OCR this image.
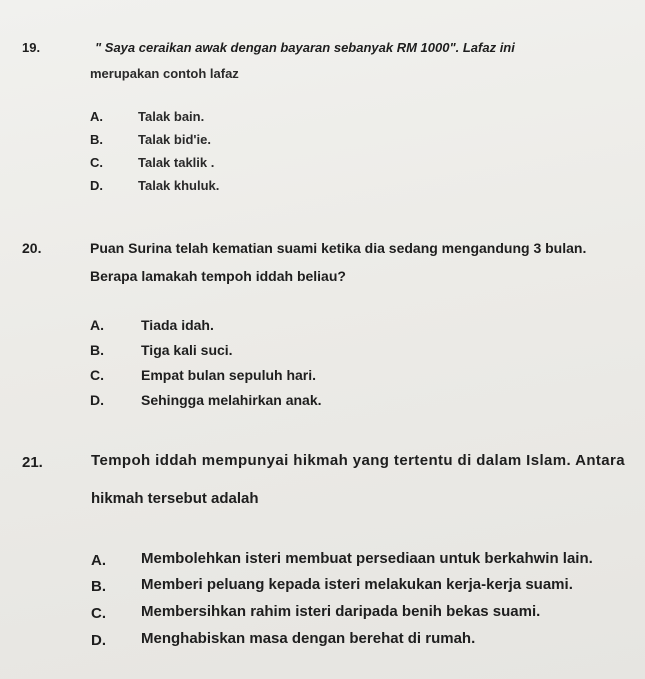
19.	" Saya ceraikan awak dengan bayaran sebanyak RM 1000". Lafaz ini
merupakan contoh lafaz
A.	Talak bain.
B.	Talak bid'ie.
C.	Talak taklik .
D.	Talak khuluk.
20.	Puan Surina telah kematian suami ketika dia sedang mengandung 3 bulan.
Berapa lamakah tempoh iddah beliau?
A.	Tiada idah.
B.	Tiga kali suci.
C.	Empat bulan sepuluh hari.
D.	Sehingga melahirkan anak.
21.	Tempoh iddah mempunyai hikmah yang tertentu di dalam Islam. Antara
hikmah tersebut adalah
A. Membolehkan isteri membuat persediaan untuk berkahwin lain.
B. Memberi peluang kepada isteri melakukan kerja-kerja suami.
C. Membersihkan rahim isteri daripada benih bekas suami.
D. Menghabiskan masa dengan berehat di rumah.
